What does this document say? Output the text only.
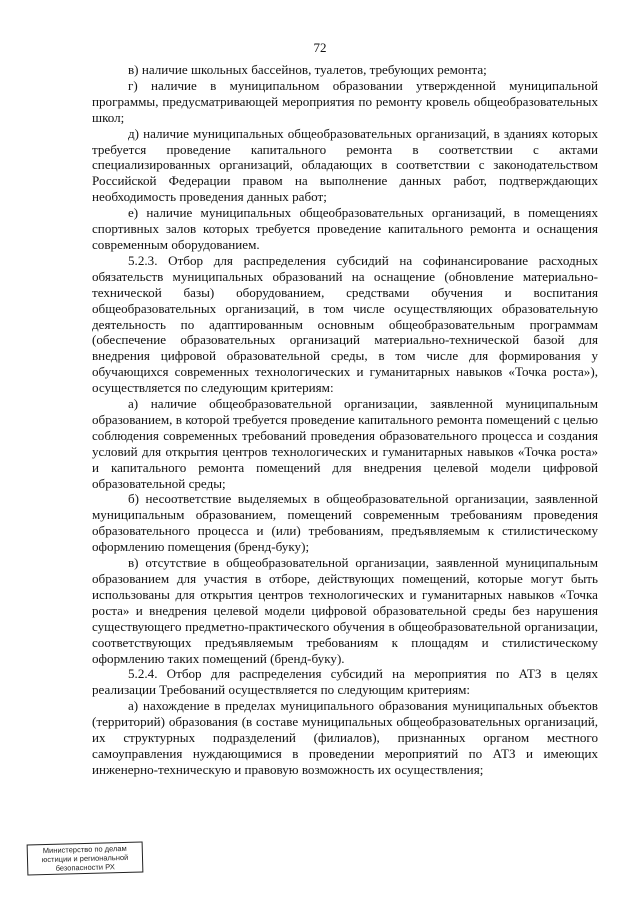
72

в) наличие школьных бассейнов, туалетов, требующих ремонта;

г) наличие в муниципальном образовании утвержденной муниципальной программы, предусматривающей мероприятия по ремонту кровель общеобразовательных школ;

д) наличие муниципальных общеобразовательных организаций, в зданиях которых требуется проведение капитального ремонта в соответствии с актами специализированных организаций, обладающих в соответствии с законодательством Российской Федерации правом на выполнение данных работ, подтверждающих необходимость проведения данных работ;

е) наличие муниципальных общеобразовательных организаций, в помещениях спортивных залов которых требуется проведение капитального ремонта и оснащения современным оборудованием.

5.2.3. Отбор для распределения субсидий на софинансирование расходных обязательств муниципальных образований на оснащение (обновление материально-технической базы) оборудованием, средствами обучения и воспитания общеобразовательных организаций, в том числе осуществляющих образовательную деятельность по адаптированным основным общеобразовательным программам (обеспечение образовательных организаций материально-технической базой для внедрения цифровой образовательной среды, в том числе для формирования у обучающихся современных технологических и гуманитарных навыков «Точка роста»), осуществляется по следующим критериям:

а) наличие общеобразовательной организации, заявленной муниципальным образованием, в которой требуется проведение капитального ремонта помещений с целью соблюдения современных требований проведения образовательного процесса и создания условий для открытия центров технологических и гуманитарных навыков «Точка роста» и капитального ремонта помещений для внедрения целевой модели цифровой образовательной среды;

б) несоответствие выделяемых в общеобразовательной организации, заявленной муниципальным образованием, помещений современным требованиям проведения образовательного процесса и (или) требованиям, предъявляемым к стилистическому оформлению помещения (бренд-буку);

в) отсутствие в общеобразовательной организации, заявленной муниципальным образованием для участия в отборе, действующих помещений, которые могут быть использованы для открытия центров технологических и гуманитарных навыков «Точка роста» и внедрения целевой модели цифровой образовательной среды без нарушения существующего предметно-практического обучения в общеобразовательной организации, соответствующих предъявляемым требованиям к площадям и стилистическому оформлению таких помещений (бренд-буку).

5.2.4. Отбор для распределения субсидий на мероприятия по АТЗ в целях реализации Требований осуществляется по следующим критериям:

а) нахождение в пределах муниципального образования муниципальных объектов (территорий) образования (в составе муниципальных общеобразовательных организаций, их структурных подразделений (филиалов), признанных органом местного самоуправления нуждающимися в проведении мероприятий по АТЗ и имеющих инженерно-техническую и правовую возможность их осуществления;

Министерство по делам
юстиции и региональной
безопасности РХ
